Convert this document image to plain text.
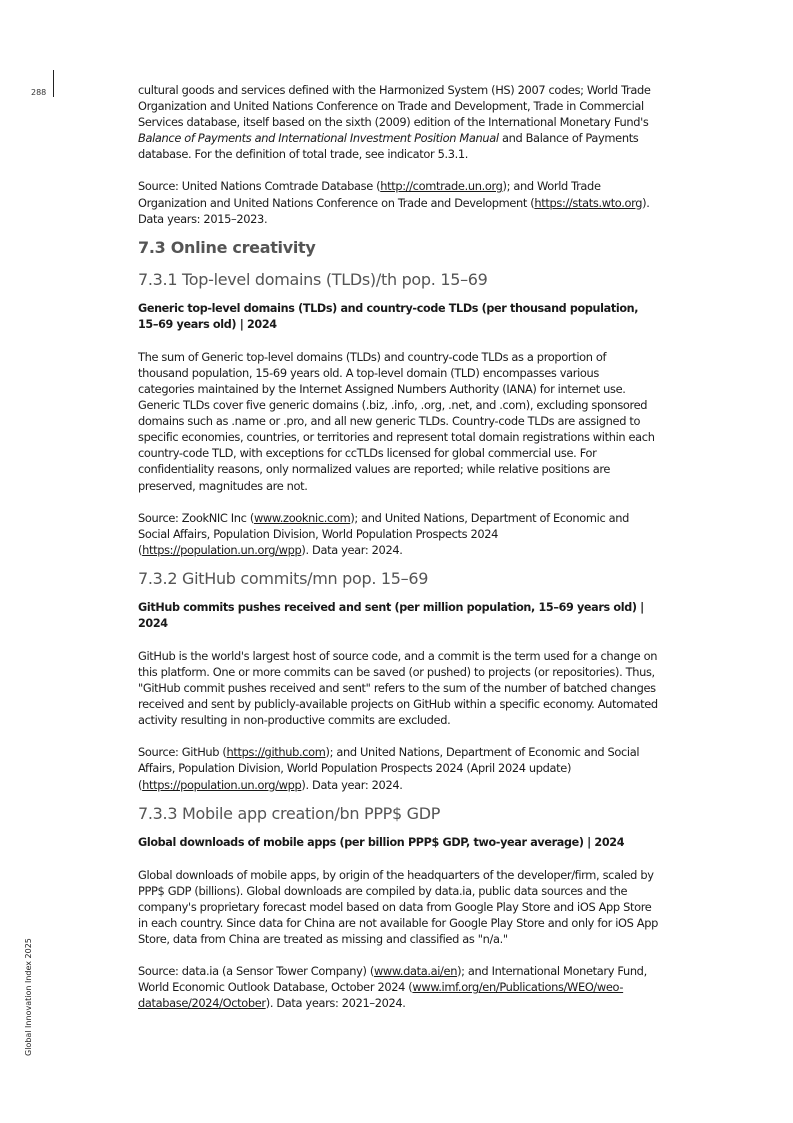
288
Global Innovation Index 2025

cultural goods and services defined with the Harmonized System (HS) 2007 codes; World Trade Organization and United Nations Conference on Trade and Development, Trade in Commercial Services database, itself based on the sixth (2009) edition of the International Monetary Fund's Balance of Payments and International Investment Position Manual and Balance of Payments database. For the definition of total trade, see indicator 5.3.1.

Source: United Nations Comtrade Database (http://comtrade.un.org); and World Trade Organization and United Nations Conference on Trade and Development (https://stats.wto.org). Data years: 2015–2023.

7.3 Online creativity
7.3.1 Top-level domains (TLDs)/th pop. 15–69
Generic top-level domains (TLDs) and country-code TLDs (per thousand population, 15–69 years old) | 2024

The sum of Generic top-level domains (TLDs) and country-code TLDs as a proportion of thousand population, 15-69 years old. A top-level domain (TLD) encompasses various categories maintained by the Internet Assigned Numbers Authority (IANA) for internet use. Generic TLDs cover five generic domains (.biz, .info, .org, .net, and .com), excluding sponsored domains such as .name or .pro, and all new generic TLDs. Country-code TLDs are assigned to specific economies, countries, or territories and represent total domain registrations within each country-code TLD, with exceptions for ccTLDs licensed for global commercial use. For confidentiality reasons, only normalized values are reported; while relative positions are preserved, magnitudes are not.

Source: ZookNIC Inc (www.zooknic.com); and United Nations, Department of Economic and Social Affairs, Population Division, World Population Prospects 2024 (https://population.un.org/wpp). Data year: 2024.

7.3.2 GitHub commits/mn pop. 15–69
GitHub commits pushes received and sent (per million population, 15–69 years old) | 2024

GitHub is the world's largest host of source code, and a commit is the term used for a change on this platform. One or more commits can be saved (or pushed) to projects (or repositories). Thus, "GitHub commit pushes received and sent" refers to the sum of the number of batched changes received and sent by publicly-available projects on GitHub within a specific economy. Automated activity resulting in non-productive commits are excluded.

Source: GitHub (https://github.com); and United Nations, Department of Economic and Social Affairs, Population Division, World Population Prospects 2024 (April 2024 update) (https://population.un.org/wpp). Data year: 2024.

7.3.3 Mobile app creation/bn PPP$ GDP
Global downloads of mobile apps (per billion PPP$ GDP, two-year average) | 2024

Global downloads of mobile apps, by origin of the headquarters of the developer/firm, scaled by PPP$ GDP (billions). Global downloads are compiled by data.ia, public data sources and the company's proprietary forecast model based on data from Google Play Store and iOS App Store in each country. Since data for China are not available for Google Play Store and only for iOS App Store, data from China are treated as missing and classified as "n/a."

Source: data.ia (a Sensor Tower Company) (www.data.ai/en); and International Monetary Fund, World Economic Outlook Database, October 2024 (www.imf.org/en/Publications/WEO/weo-database/2024/October). Data years: 2021–2024.
